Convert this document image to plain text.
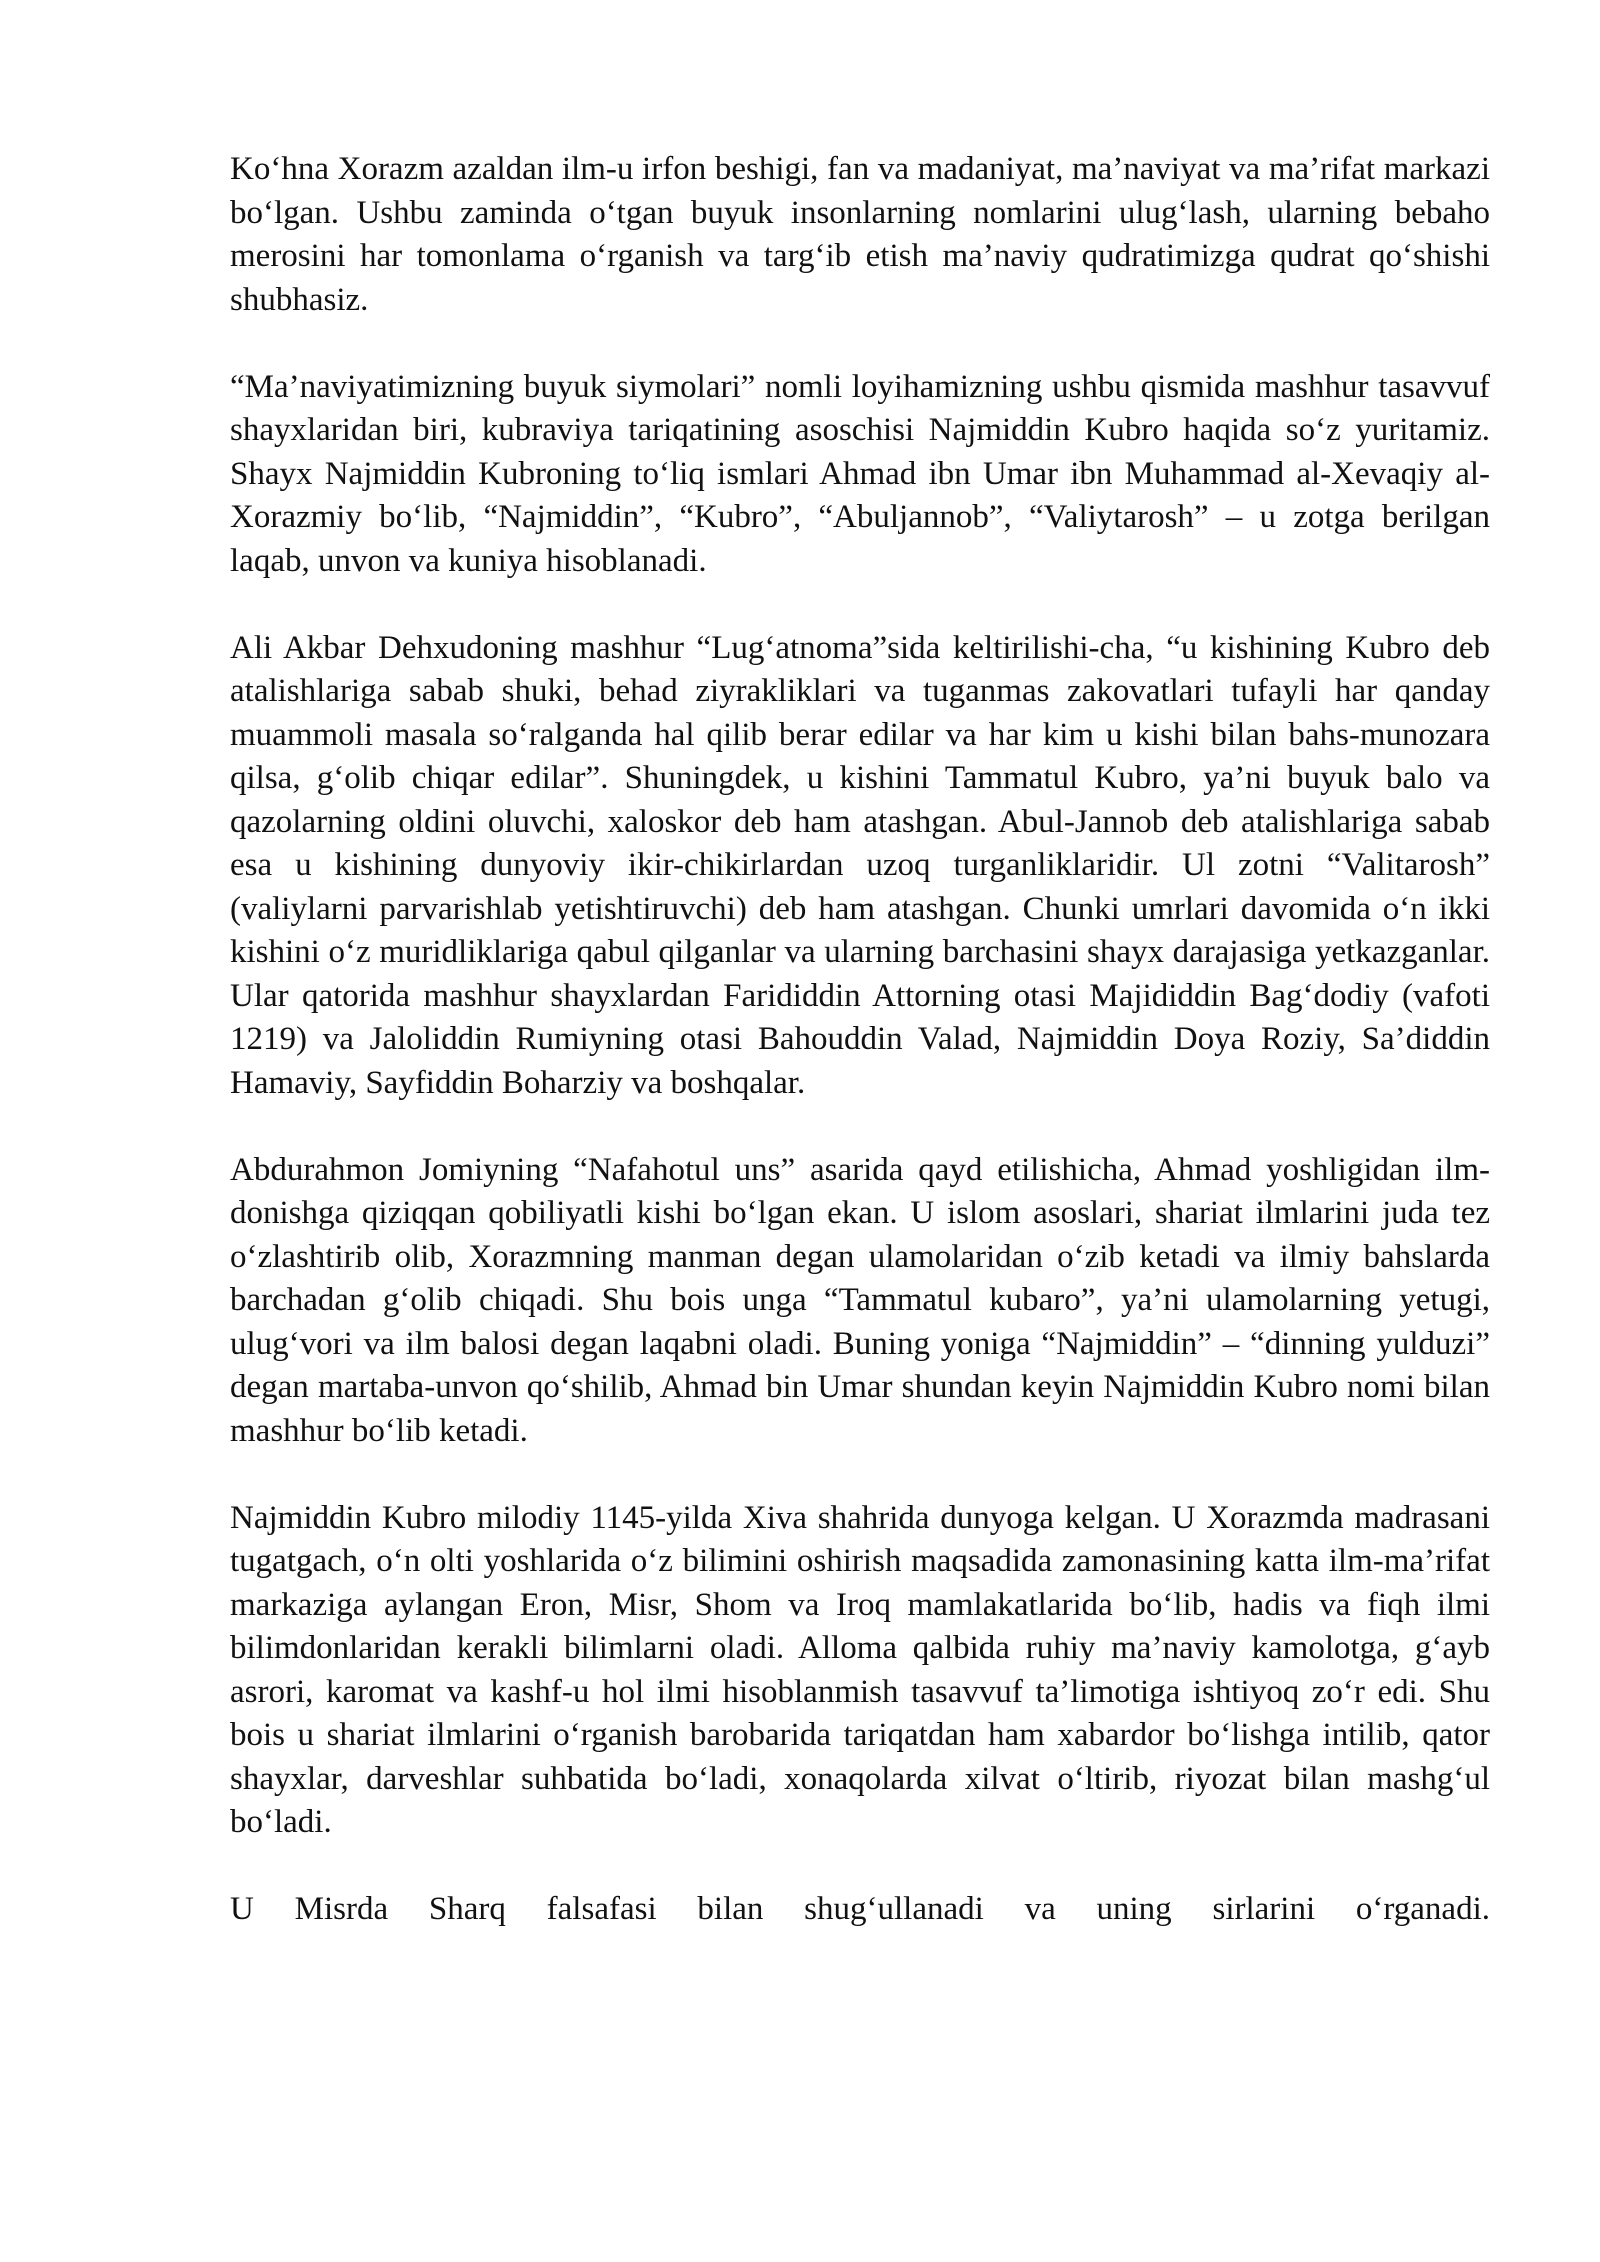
Ko‘hna Xorazm azaldan ilm-u irfon beshigi, fan va madaniyat, ma’naviyat va ma’rifat markazi bo‘lgan. Ushbu zaminda o‘tgan buyuk insonlarning nomlarini ulug‘lash, ularning bebaho merosini har tomonlama o‘rganish va targ‘ib etish ma’naviy qudratimizga qudrat qo‘shishi shubhasiz.

“Ma’naviyatimizning buyuk siymolari” nomli loyihamizning ushbu qismida mashhur tasavvuf shayxlaridan biri, kubraviya tariqatining asoschisi Najmiddin Kubro haqida so‘z yuritamiz. Shayx Najmiddin Kubroning to‘liq ismlari Ahmad ibn Umar ibn Muhammad al-Xevaqiy al-Xorazmiy bo‘lib, “Najmiddin”, “Kubro”, “Abuljannob”, “Valiytarosh” – u zotga berilgan laqab, unvon va kuniya hisoblanadi.

Ali Akbar Dehxudoning mashhur “Lug‘atnoma”sida keltirilishi-cha, “u kishining Kubro deb atalishlariga sabab shuki, behad ziyrakliklari va tuganmas zakovatlari tufayli har qanday muammoli masala so‘ralganda hal qilib berar edilar va har kim u kishi bilan bahs-munozara qilsa, g‘olib chiqar edilar”. Shuningdek, u kishini Tammatul Kubro, ya’ni buyuk balo va qazolarning oldini oluvchi, xaloskor deb ham atashgan. Abul-Jannob deb atalishlariga sabab esa u kishining dunyoviy ikir-chikirlardan uzoq turganliklaridir. Ul zotni “Valitarosh” (valiylarni parvarishlab yetishtiruvchi) deb ham atashgan. Chunki umrlari davomida o‘n ikki kishini o‘z muridliklariga qabul qilganlar va ularning barchasini shayx darajasiga yetkazganlar. Ular qatorida mashhur shayxlardan Farididdin Attorning otasi Majididdin Bag‘dodiy (vafoti 1219) va Jaloliddin Rumiyning otasi Bahouddin Valad, Najmiddin Doya Roziy, Sa’diddin Hamaviy, Sayfiddin Boharziy va boshqalar.

Abdurahmon Jomiyning “Nafahotul uns” asarida qayd etilishicha, Ahmad yoshligidan ilm-donishga qiziqqan qobiliyatli kishi bo‘lgan ekan. U islom asoslari, shariat ilmlarini juda tez o‘zlashtirib olib, Xorazmning manman degan ulamolaridan o‘zib ketadi va ilmiy bahslarda barchadan g‘olib chiqadi. Shu bois unga “Tammatul kubaro”, ya’ni ulamolarning yetugi, ulug‘vori va ilm balosi degan laqabni oladi. Buning yoniga “Najmiddin” – “dinning yulduzi” degan martaba-unvon qo‘shilib, Ahmad bin Umar shundan keyin Najmiddin Kubro nomi bilan mashhur bo‘lib ketadi.

Najmiddin Kubro milodiy 1145-yilda Xiva shahrida dunyoga kelgan. U Xorazmda madrasani tugatgach, o‘n olti yoshlarida o‘z bilimini oshirish maqsadida zamonasining katta ilm-ma’rifat markaziga aylangan Eron, Misr, Shom va Iroq mamlakatlarida bo‘lib, hadis va fiqh ilmi bilimdonlaridan kerakli bilimlarni oladi. Alloma qalbida ruhiy ma’naviy kamolotga, g‘ayb asrori, karomat va kashf-u hol ilmi hisoblanmish tasavvuf ta’limotiga ishtiyoq zo‘r edi. Shu bois u shariat ilmlarini o‘rganish barobarida tariqatdan ham xabardor bo‘lishga intilib, qator shayxlar, darveshlar suhbatida bo‘ladi, xonaqolarda xilvat o‘ltirib, riyozat bilan mashg‘ul bo‘ladi.

U Misrda Sharq falsafasi bilan shug‘ullanadi va uning sirlarini o‘rganadi.
